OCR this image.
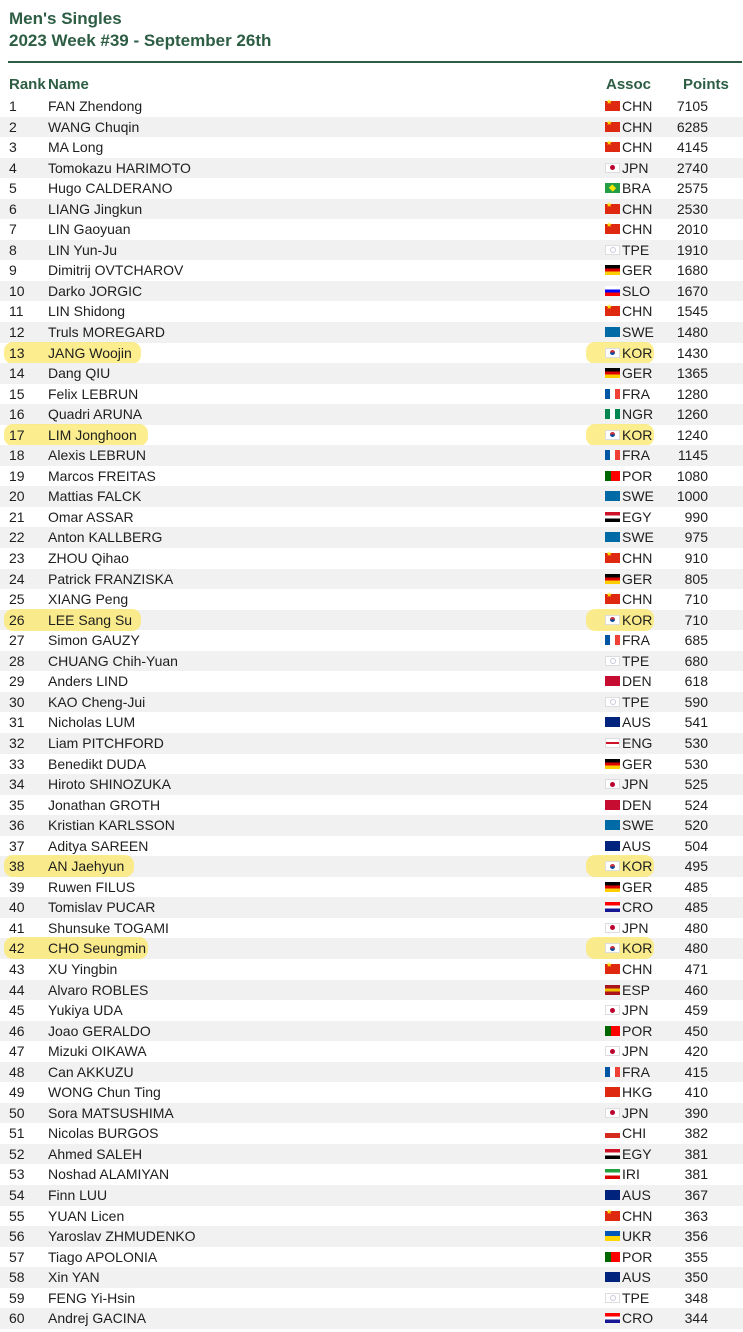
Men's Singles
2023 Week #39 - September 26th
Rank Name	Assoc Points
1 FAN Zhendong	★ CHN 7105
2 WANG Chuqin	★ CHN 6285
3 MA Long	★ CHN 4145
4 Tomokazu HARIMOTO	JPN 2740
5 Hugo CALDERANO	BRA 2575
6 LIANG Jingkun	★ CHN 2530
7 LIN Gaoyuan	★ CHN 2010
8 LIN Yun-Ju	TPE 1910
9 Dimitrij OVTCHAROV	GER 1680
10 Darko JORGIC	SLO 1670
11 LIN Shidong	★ CHN 1545
12 Truls MOREGARD	SWE 1480
13 JANG Woojin	KOR 1430
14 Dang QIU	GER 1365
15 Felix LEBRUN	FRA 1280
16 Quadri ARUNA	NGR 1260
17 LIM Jonghoon	KOR 1240
18 Alexis LEBRUN	FRA 1145
19 Marcos FREITAS	POR 1080
20 Mattias FALCK	SWE 1000
21 Omar ASSAR	EGY 990
22 Anton KALLBERG	SWE 975
23 ZHOU Qihao	★ CHN 910
24 Patrick FRANZISKA	GER 805
25 XIANG Peng	★ CHN 710
26 LEE Sang Su	KOR 710
27 Simon GAUZY	FRA 685
28 CHUANG Chih-Yuan	TPE	680
29 Anders LIND	DEN 618
30 KAO Cheng-Jui	TPE	590
31 Nicholas LUM	AUS 541
32 Liam PITCHFORD	ENG 530
33 Benedikt DUDA	GER 530
34 Hiroto SHINOZUKA	JPN	525
35 Jonathan GROTH	DEN 524
36 Kristian KARLSSON	SWE 520
37 Aditya SAREEN	AUS 504
38 AN Jaehyun	KOR 495
39 Ruwen FILUS	GER 485
40 Tomislav PUCAR	CRO 485
41 Shunsuke TOGAMI	JPN	480
42 CHO Seungmin	KOR 480
43 XU Yingbin	★ CHN 471
44 Alvaro ROBLES	ESP 460
45 Yukiya UDA	JPN	459
46 Joao GERALDO	POR 450
47 Mizuki OIKAWA	JPN	420
48 Can AKKUZU	FRA 415
49 WONG Chun Ting	HKG 410
50 Sora MATSUSHIMA	JPN	390
51 Nicolas BURGOS	CHI	382
52 Ahmed SALEH	EGY 381
53 Noshad ALAMIYAN	IRI	381
54 Finn LUU	AUS 367
55 YUAN Licen	★ CHN 363
56 Yaroslav ZHMUDENKO	UKR 356
57 Tiago APOLONIA	POR 355
58 Xin YAN	AUS 350
59 FENG Yi-Hsin	TPE	348
60 Andrej GACINA	CRO 344
